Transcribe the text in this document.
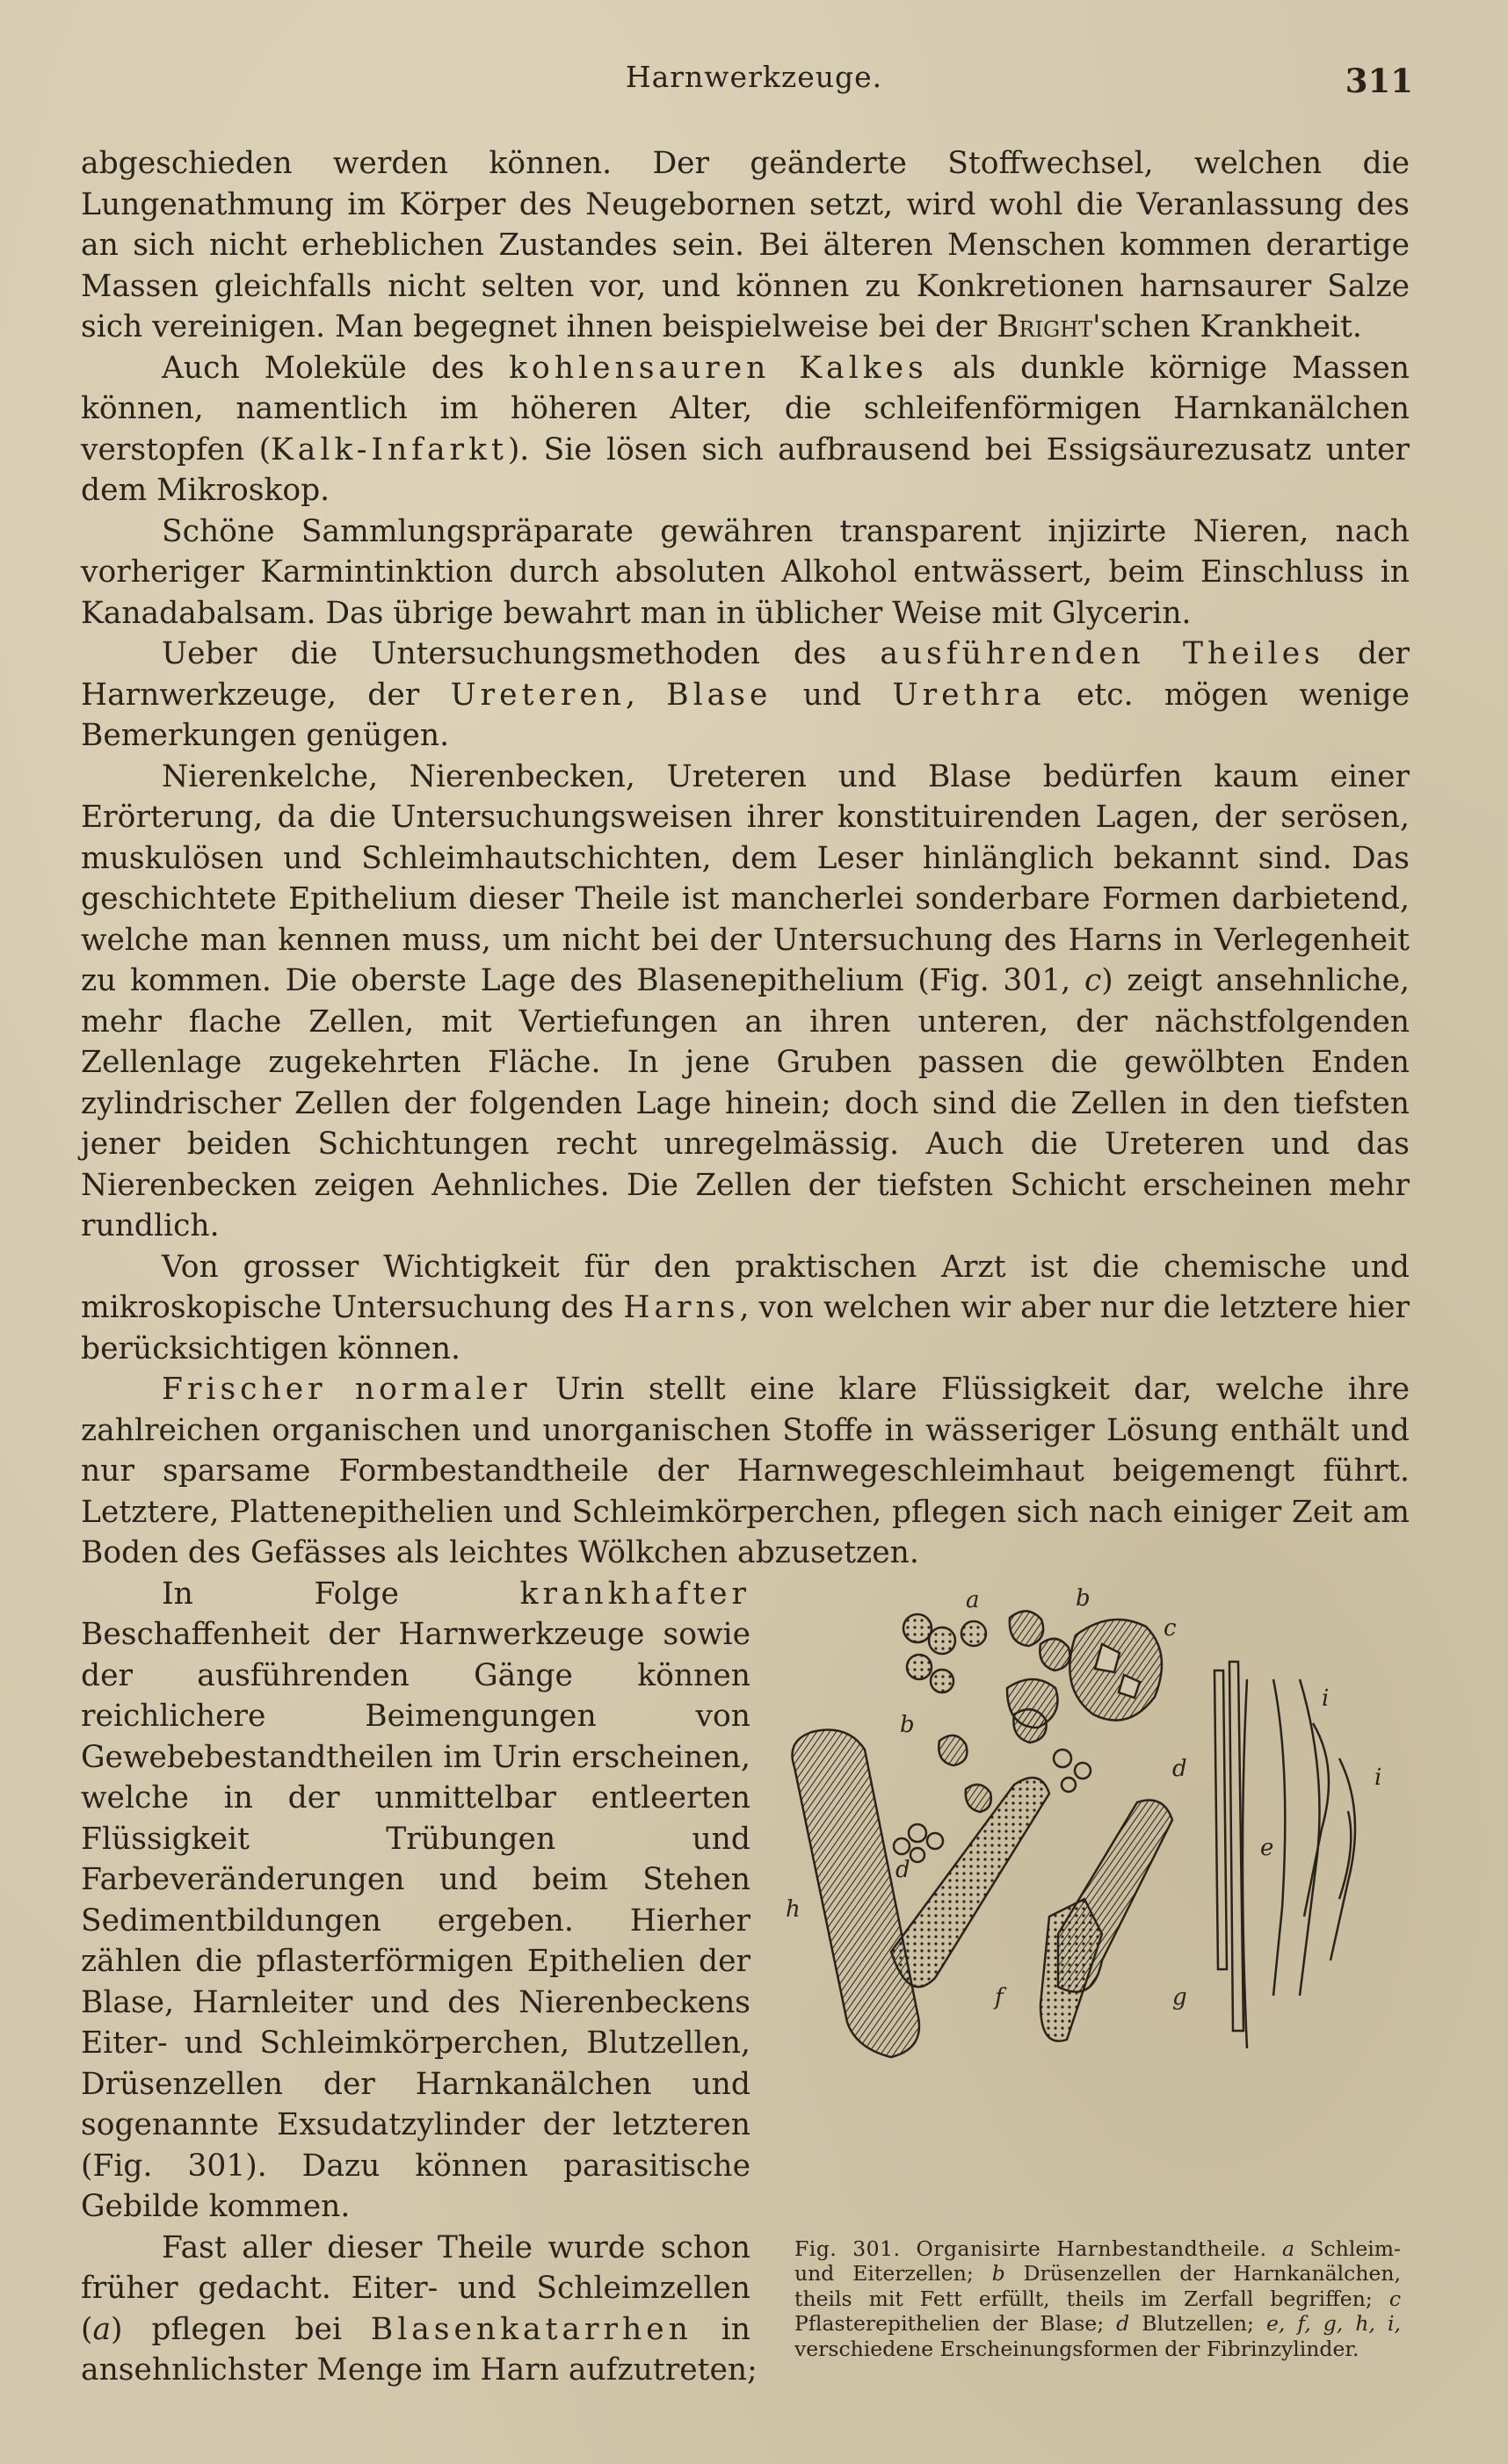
Harnwerkzeuge.	311

abgeschieden werden können. Der geänderte Stoffwechsel, welchen die Lungenathmung im Körper des Neugebornen setzt, wird wohl die Veranlassung des an sich nicht erheblichen Zustandes sein. Bei älteren Menschen kommen derartige Massen gleichfalls nicht selten vor, und können zu Konkretionen harnsaurer Salze sich vereinigen. Man begegnet ihnen beispielweise bei der Bright'schen Krankheit.

Auch Moleküle des kohlensauren Kalkes als dunkle körnige Massen können, namentlich im höheren Alter, die schleifenförmigen Harnkanälchen verstopfen (Kalk-Infarkt). Sie lösen sich aufbrausend bei Essigsäurezusatz unter dem Mikroskop.

Schöne Sammlungspräparate gewähren transparent injizirte Nieren, nach vorheriger Karmintinktion durch absoluten Alkohol entwässert, beim Einschluss in Kanadabalsam. Das übrige bewahrt man in üblicher Weise mit Glycerin.

Ueber die Untersuchungsmethoden des ausführenden Theiles der Harnwerkzeuge, der Ureteren, Blase und Urethra etc. mögen wenige Bemerkungen genügen.

Nierenkelche, Nierenbecken, Ureteren und Blase bedürfen kaum einer Erörterung, da die Untersuchungsweisen ihrer konstituirenden Lagen, der serösen, muskulösen und Schleimhautschichten, dem Leser hinlänglich bekannt sind. Das geschichtete Epithelium dieser Theile ist mancherlei sonderbare Formen darbietend, welche man kennen muss, um nicht bei der Untersuchung des Harns in Verlegenheit zu kommen. Die oberste Lage des Blasenepithelium (Fig. 301, c) zeigt ansehnliche, mehr flache Zellen, mit Vertiefungen an ihren unteren, der nächstfolgenden Zellenlage zugekehrten Fläche. In jene Gruben passen die gewölbten Enden zylindrischer Zellen der folgenden Lage hinein; doch sind die Zellen in den tiefsten jener beiden Schichtungen recht unregelmässig. Auch die Ureteren und das Nierenbecken zeigen Aehnliches. Die Zellen der tiefsten Schicht erscheinen mehr rundlich.

Von grosser Wichtigkeit für den praktischen Arzt ist die chemische und mikroskopische Untersuchung des Harns, von welchen wir aber nur die letztere hier berücksichtigen können.

Frischer normaler Urin stellt eine klare Flüssigkeit dar, welche ihre zahlreichen organischen und unorganischen Stoffe in wässeriger Lösung enthält und nur sparsame Formbestandtheile der Harnwegeschleimhaut beigemengt führt. Letztere, Plattenepithelien und Schleimkörperchen, pflegen sich nach einiger Zeit am Boden des Gefässes als leichtes Wölkchen abzusetzen.

a	b
c
d
e
f	g
h
i
d
b
i
Fig. 301. Organisirte Harnbestandtheile. a Schleim- und Eiterzellen; b Drüsenzellen der Harnkanälchen, theils mit Fett erfüllt, theils im Zerfall begriffen; c Pflasterepithelien der Blase; d Blutzellen; e, f, g, h, i, verschiedene Erscheinungsformen der Fibrinzylinder.

In Folge	krankhafter Beschaffenheit der Harnwerkzeuge sowie der ausführenden Gänge können reichlichere Beimengungen von Gewebebestandtheilen im Urin erscheinen, welche in der unmittelbar entleerten Flüssigkeit Trübungen und Farbeveränderungen und beim Stehen Sedimentbildungen ergeben. Hierher zählen die pflasterförmigen Epithelien der Blase, Harnleiter und des Nierenbeckens Eiter- und Schleimkörperchen, Blutzellen, Drüsenzellen der Harnkanälchen und sogenannte Exsudatzylinder der letzteren (Fig. 301). Dazu können parasitische Gebilde kommen.

Fast aller dieser Theile wurde schon früher gedacht. Eiter- und Schleimzellen (a) pflegen bei Blasenkatarrhen in ansehnlichster Menge im Harn aufzutreten;
